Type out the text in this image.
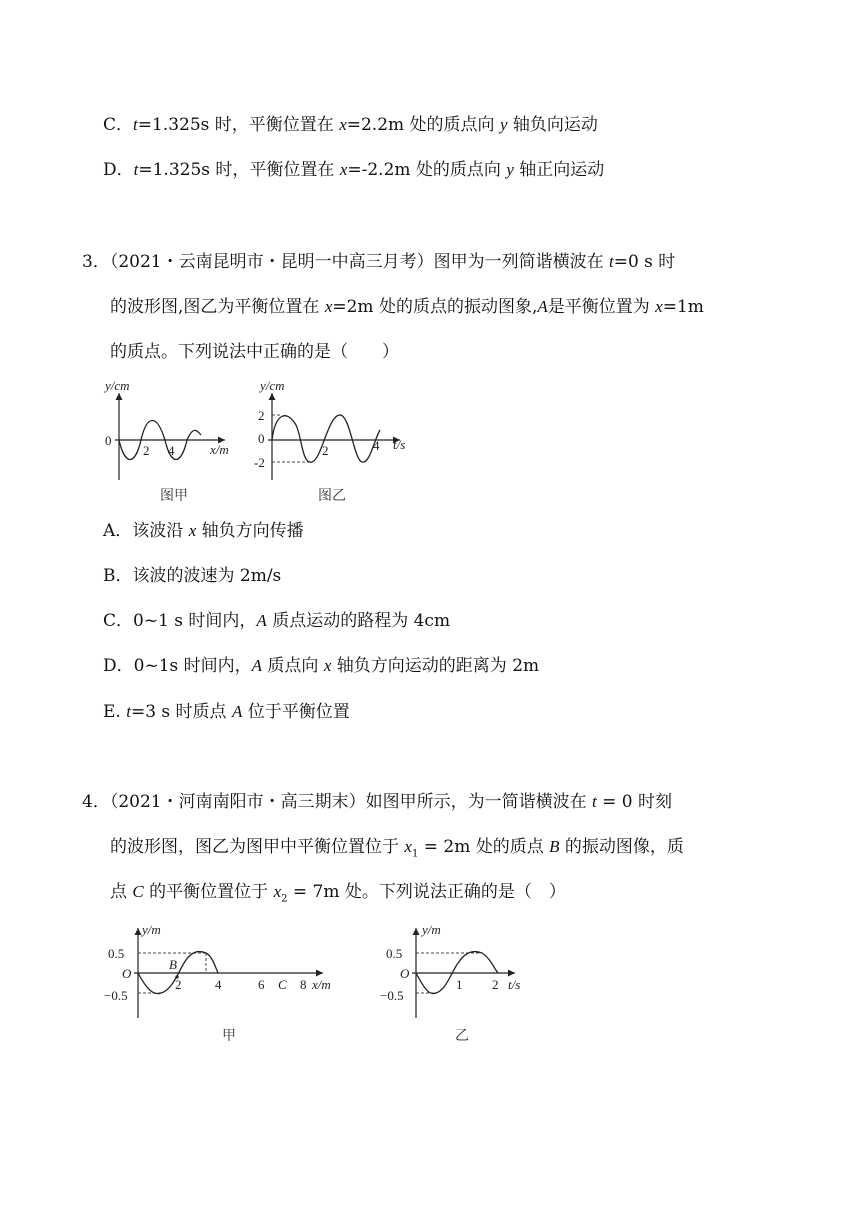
C．t=1.325s 时，平衡位置在 x=2.2m 处的质点向 y 轴负向运动
D．t=1.325s 时，平衡位置在 x=-2.2m 处的质点向 y 轴正向运动
3．（2021・云南昆明市・昆明一中高三月考）图甲为一列简谐横波在 t=0 s 时
的波形图,图乙为平衡位置在 x=2m 处的质点的振动图象,A是平衡位置为 x=1m
的质点。下列说法中正确的是（　　）
y/cm
0
2 4	x/m
图甲
y/cm
2
0
-2
2	4 t/s
图乙
A．该波沿 x 轴负方向传播
B．该波的波速为 2m/s
C．0~1 s 时间内，A 质点运动的路程为 4cm
D．0~1s 时间内，A 质点向 x 轴负方向运动的距离为 2m
E. t=3 s 时质点 A 位于平衡位置
4．（2021・河南南阳市・高三期末）如图甲所示，为一简谐横波在 t = 0 时刻
的波形图，图乙为图甲中平衡位置位于 $x_1 = 2m$ 处的质点 B 的振动图像，质
点 C 的平衡位置位于 $x_2 = 7m$ 处。下列说法正确的是（　）
y/m
0.5
O
−0.5
B
2	4	6 C 8 x/m
甲
y/m
0.5
O
−0.5
1 2 t/s
乙
